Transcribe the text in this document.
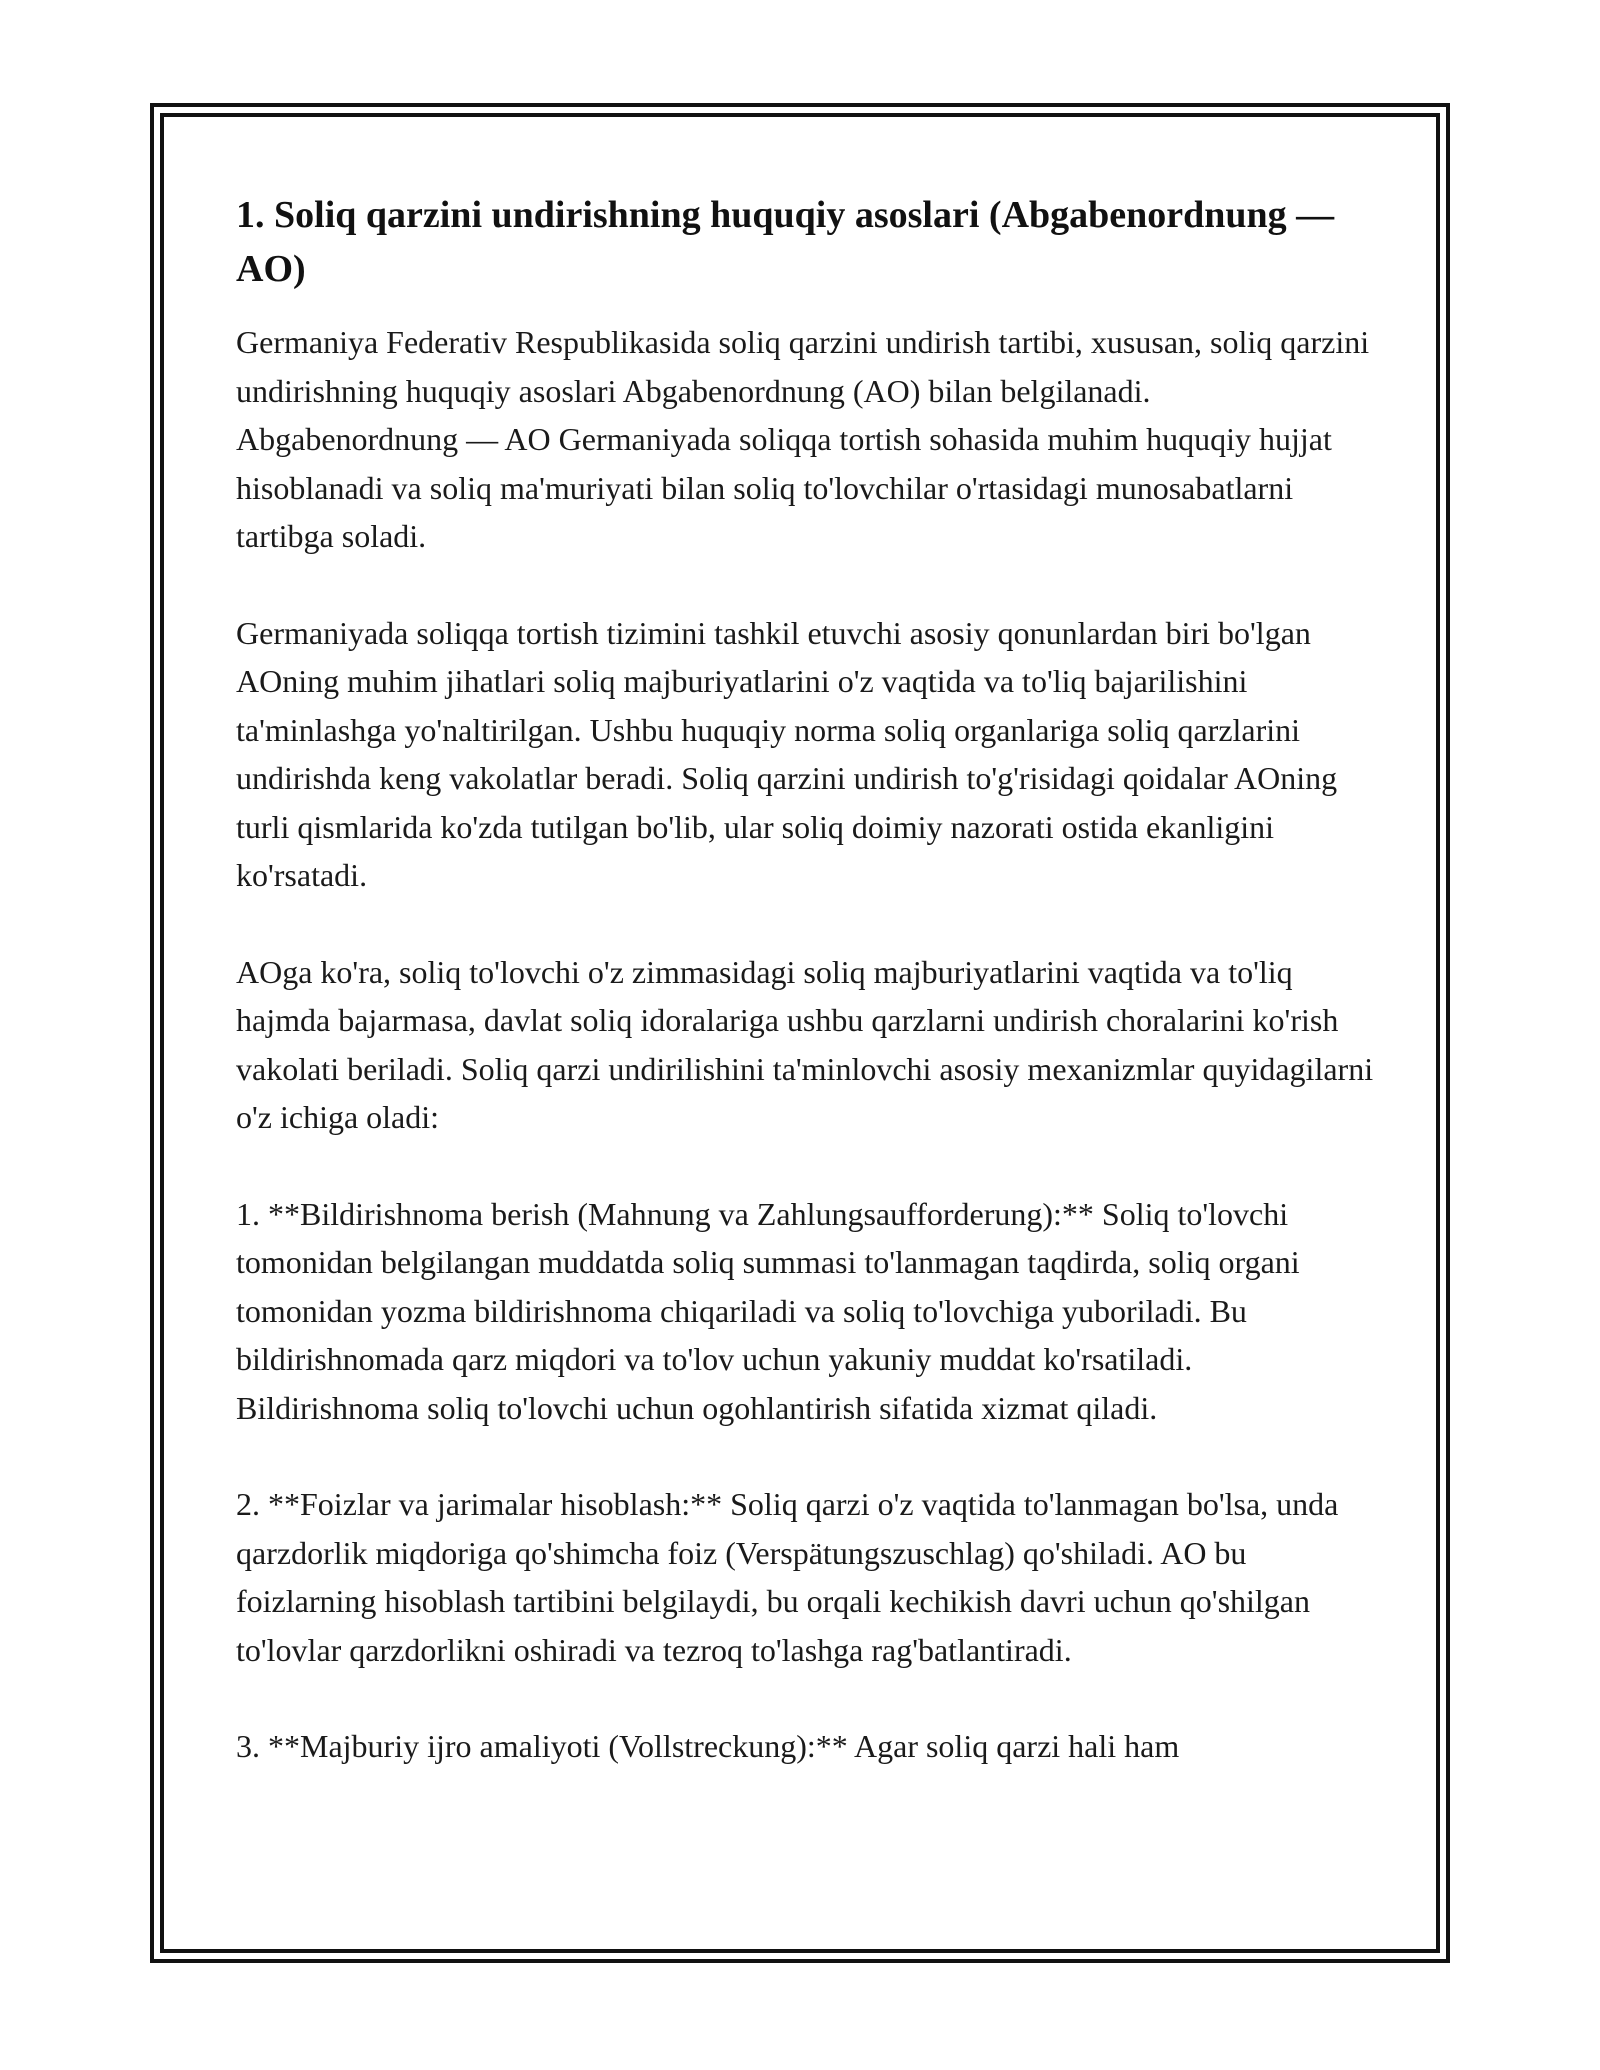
1. Soliq qarzini undirishning huquqiy asoslari (Abgabenordnung — AO)

Germaniya Federativ Respublikasida soliq qarzini undirish tartibi, xususan, soliq qarzini undirishning huquqiy asoslari Abgabenordnung (AO) bilan belgilanadi. Abgabenordnung — AO Germaniyada soliqqa tortish sohasida muhim huquqiy hujjat hisoblanadi va soliq ma'muriyati bilan soliq to'lovchilar o'rtasidagi munosabatlarni tartibga soladi.

Germaniyada soliqqa tortish tizimini tashkil etuvchi asosiy qonunlardan biri bo'lgan AOning muhim jihatlari soliq majburiyatlarini o'z vaqtida va to'liq bajarilishini ta'minlashga yo'naltirilgan. Ushbu huquqiy norma soliq organlariga soliq qarzlarini undirishda keng vakolatlar beradi. Soliq qarzini undirish to'g'risidagi qoidalar AOning turli qismlarida ko'zda tutilgan bo'lib, ular soliq doimiy nazorati ostida ekanligini ko'rsatadi.

AOga ko'ra, soliq to'lovchi o'z zimmasidagi soliq majburiyatlarini vaqtida va to'liq hajmda bajarmasa, davlat soliq idoralariga ushbu qarzlarni undirish choralarini ko'rish vakolati beriladi. Soliq qarzi undirilishini ta'minlovchi asosiy mexanizmlar quyidagilarni o'z ichiga oladi:

1. **Bildirishnoma berish (Mahnung va Zahlungsaufforderung):** Soliq to'lovchi tomonidan belgilangan muddatda soliq summasi to'lanmagan taqdirda, soliq organi tomonidan yozma bildirishnoma chiqariladi va soliq to'lovchiga yuboriladi. Bu bildirishnomada qarz miqdori va to'lov uchun yakuniy muddat ko'rsatiladi. Bildirishnoma soliq to'lovchi uchun ogohlantirish sifatida xizmat qiladi.

2. **Foizlar va jarimalar hisoblash:** Soliq qarzi o'z vaqtida to'lanmagan bo'lsa, unda qarzdorlik miqdoriga qo'shimcha foiz (Verspätungszuschlag) qo'shiladi. AO bu foizlarning hisoblash tartibini belgilaydi, bu orqali kechikish davri uchun qo'shilgan to'lovlar qarzdorlikni oshiradi va tezroq to'lashga rag'batlantiradi.

3. **Majburiy ijro amaliyoti (Vollstreckung):** Agar soliq qarzi hali ham
